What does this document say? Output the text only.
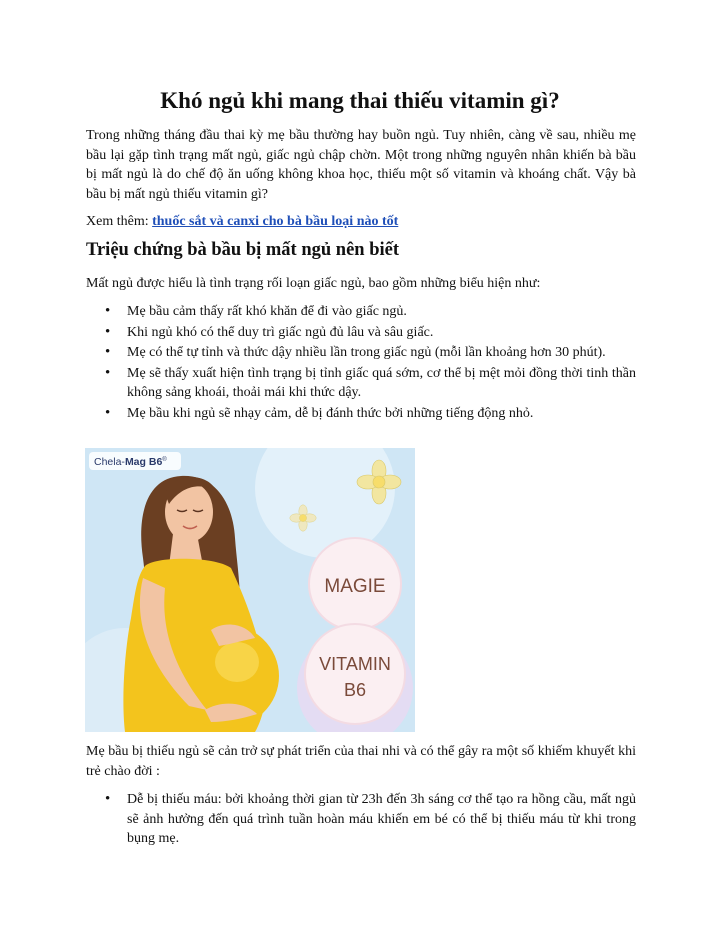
Khó ngủ khi mang thai thiếu vitamin gì?

Trong những tháng đầu thai kỳ mẹ bầu thường hay buồn ngủ. Tuy nhiên, càng về sau, nhiều mẹ bầu lại gặp tình trạng mất ngủ, giấc ngủ chập chờn. Một trong những nguyên nhân khiến bà bầu bị mất ngủ là do chế độ ăn uống không khoa học, thiếu một số vitamin và khoáng chất. Vậy bà bầu bị mất ngủ thiếu vitamin gì?

Xem thêm: thuốc sắt và canxi cho bà bầu loại nào tốt

Triệu chứng bà bầu bị mất ngủ nên biết

Mất ngủ được hiểu là tình trạng rối loạn giấc ngủ, bao gồm những biểu hiện như:

• Mẹ bầu cảm thấy rất khó khăn để đi vào giấc ngủ.
• Khi ngủ khó có thể duy trì giấc ngủ đủ lâu và sâu giấc.
• Mẹ có thể tự tỉnh và thức dậy nhiều lần trong giấc ngủ (mỗi lần khoảng hơn 30 phút).
• Mẹ sẽ thấy xuất hiện tình trạng bị tỉnh giấc quá sớm, cơ thể bị mệt mỏi đồng thời tinh thần không sảng khoái, thoải mái khi thức dậy.
• Mẹ bầu khi ngủ sẽ nhạy cảm, dễ bị đánh thức bởi những tiếng động nhỏ.
Chela-Mag B6®
MAGIE
VITAMIN
B6

Mẹ bầu bị thiếu ngủ sẽ cản trở sự phát triển của thai nhi và có thể gây ra một số khiếm khuyết khi trẻ chào đời :

• Dễ bị thiếu máu: bởi khoảng thời gian từ 23h đến 3h sáng cơ thể tạo ra hồng cầu, mất ngủ sẽ ảnh hưởng đến quá trình tuần hoàn máu khiến em bé có thể bị thiếu máu từ khi trong bụng mẹ.
